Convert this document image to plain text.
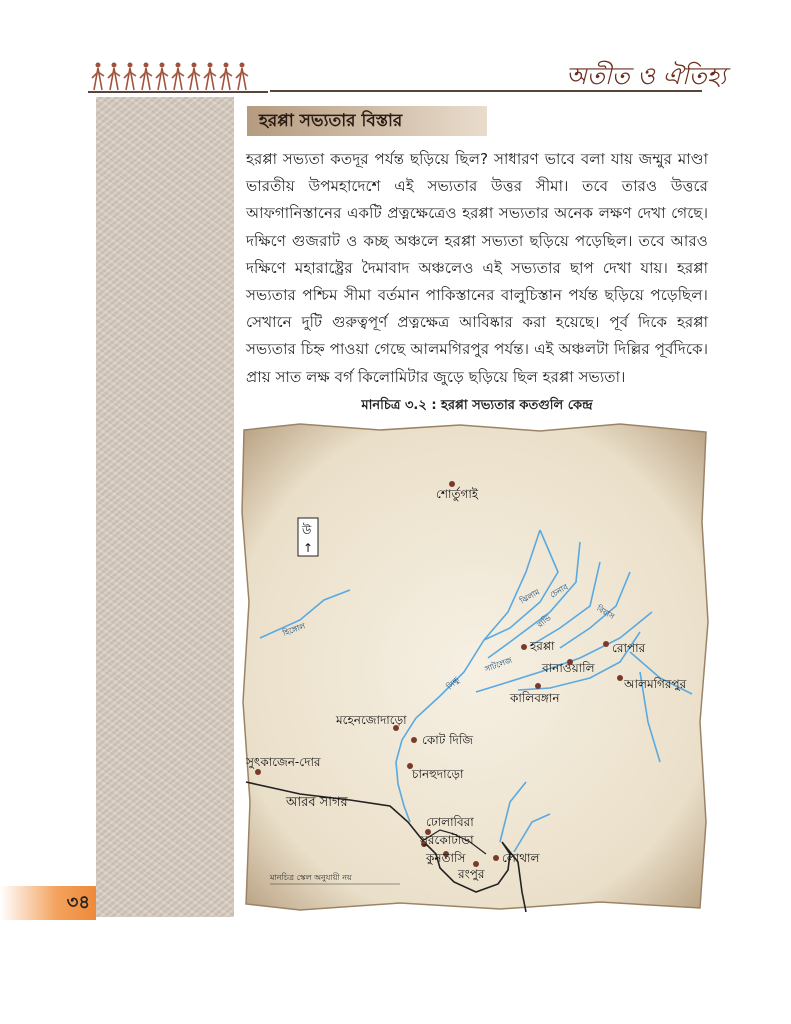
অতীত ও ঐতিহ্য
হরপ্পা সভ্যতার বিস্তার

হরপ্পা সভ্যতা কতদূর পর্যন্ত ছড়িয়ে ছিল? সাধারণ ভাবে বলা যায় জম্মুর মাণ্ডা ভারতীয় উপমহাদেশে এই সভ্যতার উত্তর সীমা। তবে তারও উত্তরে আফগানিস্তানের একটি প্রত্নক্ষেত্রেও হরপ্পা সভ্যতার অনেক লক্ষণ দেখা গেছে। দক্ষিণে গুজরাট ও কচ্ছ অঞ্চলে হরপ্পা সভ্যতা ছড়িয়ে পড়েছিল। তবে আরও দক্ষিণে মহারাষ্ট্রের দৈমাবাদ অঞ্চলেও এই সভ্যতার ছাপ দেখা যায়। হরপ্পা সভ্যতার পশ্চিম সীমা বর্তমান পাকিস্তানের বালুচিস্তান পর্যন্ত ছড়িয়ে পড়েছিল। সেখানে দুটি গুরুত্বপূর্ণ প্রত্নক্ষেত্র আবিষ্কার করা হয়েছে। পূর্ব দিকে হরপ্পা সভ্যতার চিহ্ন পাওয়া গেছে আলমগিরপুর পর্যন্ত। এই অঞ্চলটা দিল্লির পূর্বদিকে। প্রায় সাত লক্ষ বর্গ কিলোমিটার জুড়ে ছড়িয়ে ছিল হরপ্পা সভ্যতা।

মানচিত্র ৩.২ : হরপ্পা সভ্যতার কতগুলি কেন্দ্র
হিঙ্গোল
ঝিলাম চেনাব
রাভি
বিয়াস
সাটলেজ
সিন্ধু
উ
↑
শোর্তুগাই
হরপ্পা	রোপার
বানাওয়ালি
আলমগিরপুর
কালিবঙ্গান
মহেনজোদাড়ো
কোট দিজি
চানহুদাড়ো
সুৎকাজেন-দোর
ঢোলাবিরা
সুরকোটাডা
কুনতাসি	লোথাল
রংপুর
আরব সাগর
মানচিত্র স্কেল অনুযায়ী নয়
৩৪
